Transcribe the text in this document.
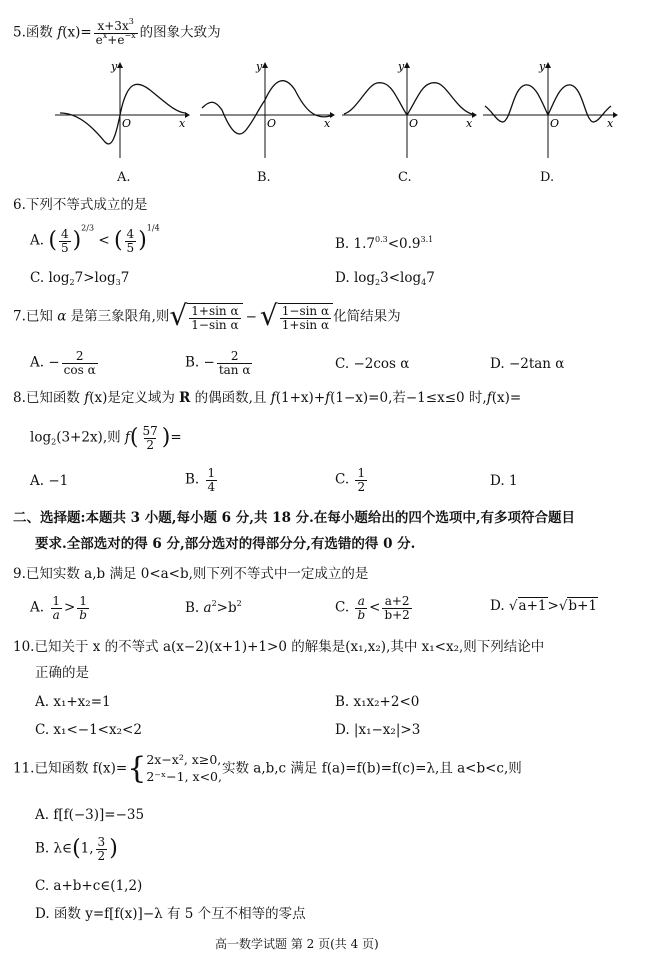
5.函数 $f(x)= \frac{x+3x^3}{e^x+e^{-x}}$ 的图象大致为
y
x
O
y
x
O
y
x
O
y
x
O
A.	B.	C.	D.
6.下列不等式成立的是
A. ( $\frac{4}{5} )^{2/3}$ < ( $\frac{4}{5} )^{1/4}$
B. $1.7^{0.3}<0.9^{3.1}$
C. $\log_27>\log_37$	D. $\log_23<\log_47$
7.已知 α 是第三象限角,则 √ $\frac{\text{1+sin α}}{\text{1−sin α}}$ − √ $\frac{\text{1−sin α}}{\text{1+sin α}}$ 化简结果为
A. − $\frac{2}{\text{cos α}}$	B. − $\frac{2}{\text{tan α}}$	C. −2cos α	D. −2tan α
8.已知函数 f(x)是定义域为 R 的偶函数,且 f(1+x)+f(1−x)=0,若−1≤x≤0 时,f(x)=
$\log_2(3+2x)$,则 $f( \frac{57}{2}$ )=
A. −1	B. $\frac{1}{4}$	C. $\frac{1}{2}$	D. 1
二、选择题:本题共 3 小题,每小题 6 分,共 18 分.在每小题给出的四个选项中,有多项符合题目
要求.全部选对的得 6 分,部分选对的得部分分,有选错的得 0 分.
9.已知实数 a,b 满足 0<a<b,则下列不等式中一定成立的是
A. $\frac{1}{a} > \frac{1}{b}$	B. $a^2>b^2$	C. $\frac{a}{b} < \frac{a+2}{b+2}$	D. √a+1>√b+1
10.已知关于 x 的不等式 a(x−2)(x+1)+1>0 的解集是(x₁,x₂),其中 x₁<x₂,则下列结论中
正确的是
A. x₁+x₂=1	B. x₁x₂+2<0
C. x₁<−1<x₂<2	D. |x₁−x₂|>3
11.已知函数 f(x)={ 2x−x², x≥0,
2⁻ˣ−1, x<0, 实数 a,b,c 满足 f(a)=f(b)=f(c)=λ,且 a<b<c,则
A. f[f(−3)]=−35
B. λ∈(1, $\frac{3}{2}$ )
C. a+b+c∈(1,2)
D. 函数 y=f[f(x)]−λ 有 5 个互不相等的零点
高一数学试题 第 2 页(共 4 页)
